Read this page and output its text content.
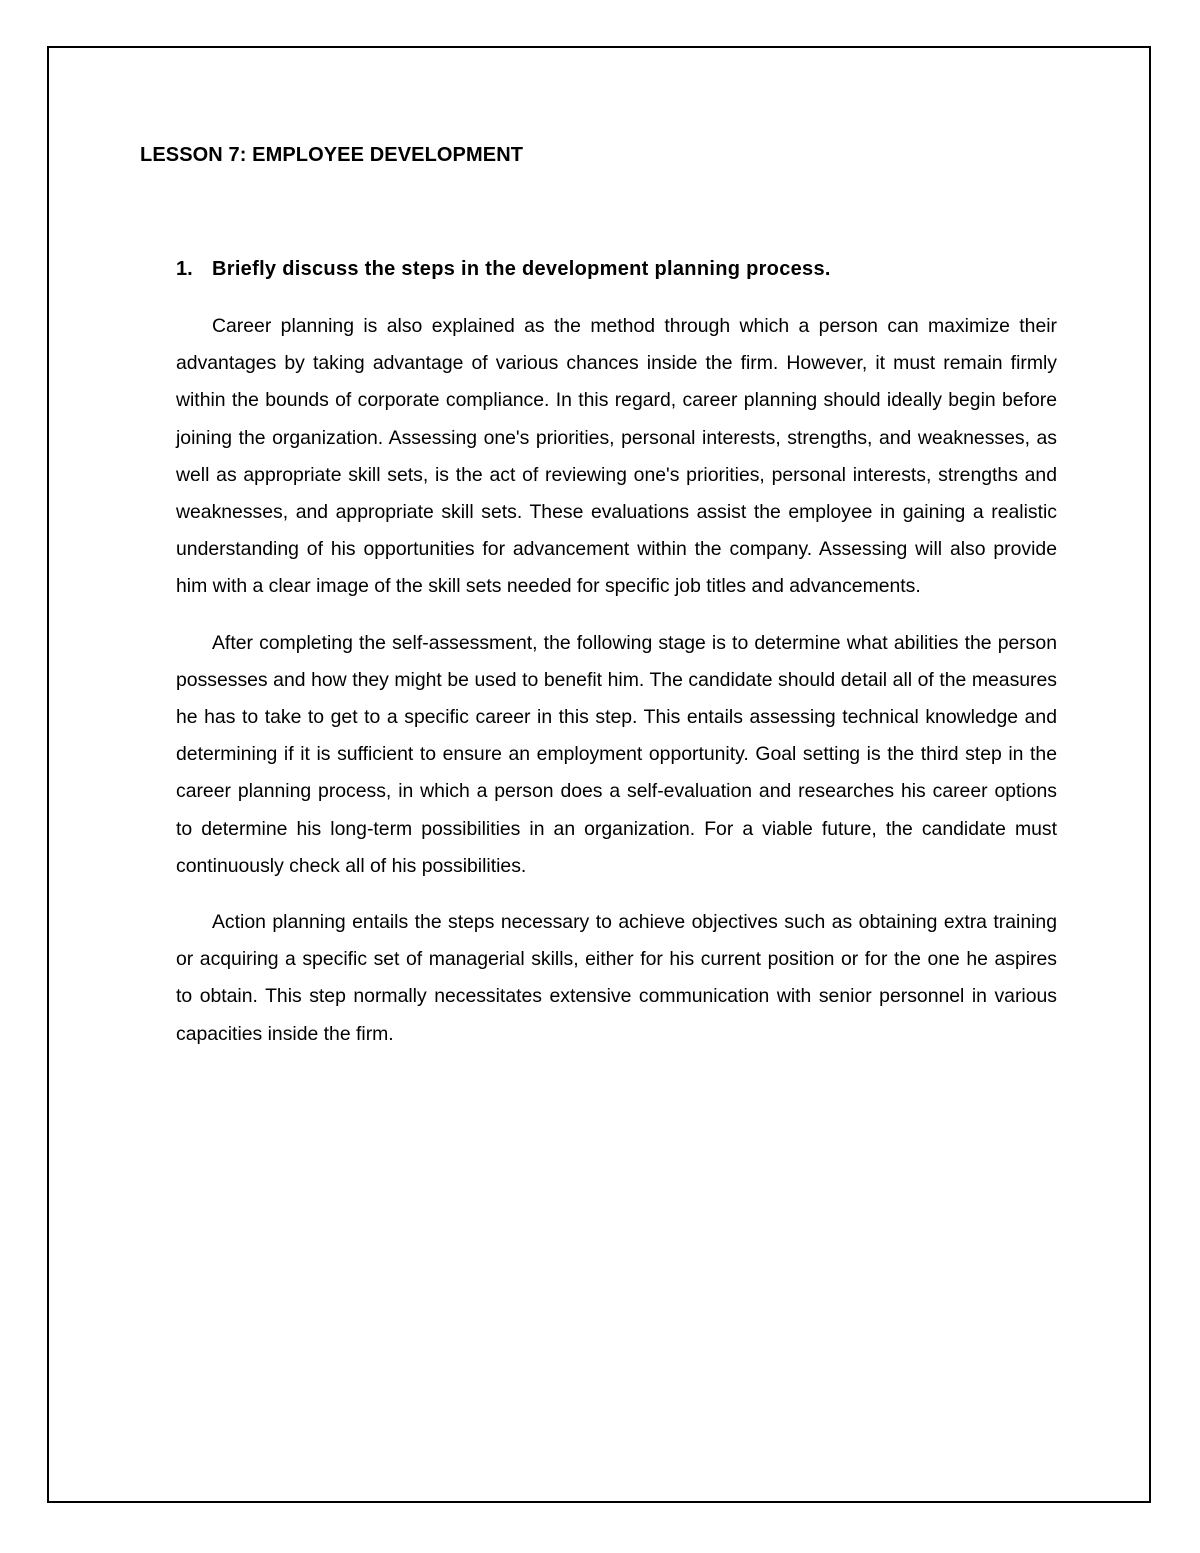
LESSON 7: EMPLOYEE DEVELOPMENT
1. Briefly discuss the steps in the development planning process.

Career planning is also explained as the method through which a person can maximize their advantages by taking advantage of various chances inside the firm. However, it must remain firmly within the bounds of corporate compliance. In this regard, career planning should ideally begin before joining the organization. Assessing one's priorities, personal interests, strengths, and weaknesses, as well as appropriate skill sets, is the act of reviewing one's priorities, personal interests, strengths and weaknesses, and appropriate skill sets. These evaluations assist the employee in gaining a realistic understanding of his opportunities for advancement within the company. Assessing will also provide him with a clear image of the skill sets needed for specific job titles and advancements.

After completing the self-assessment, the following stage is to determine what abilities the person possesses and how they might be used to benefit him. The candidate should detail all of the measures he has to take to get to a specific career in this step. This entails assessing technical knowledge and determining if it is sufficient to ensure an employment opportunity. Goal setting is the third step in the career planning process, in which a person does a self-evaluation and researches his career options to determine his long-term possibilities in an organization. For a viable future, the candidate must continuously check all of his possibilities.

Action planning entails the steps necessary to achieve objectives such as obtaining extra training or acquiring a specific set of managerial skills, either for his current position or for the one he aspires to obtain. This step normally necessitates extensive communication with senior personnel in various capacities inside the firm.
